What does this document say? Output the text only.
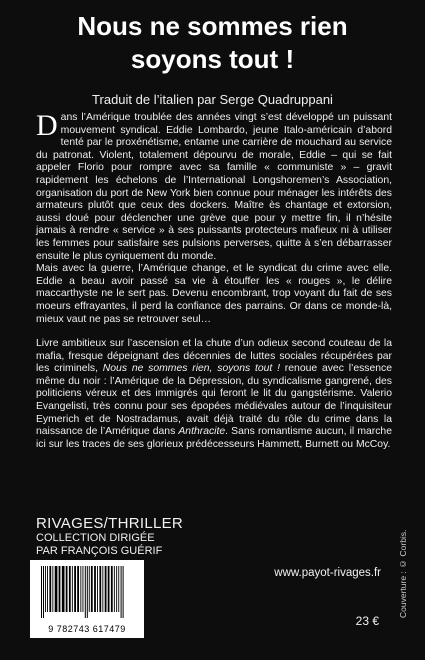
Nous ne sommes rien
soyons tout !
Traduit de l’italien par Serge Quadruppani

Dans l’Amérique troublée des années vingt s’est développé un puissant mouvement syndical. Eddie Lombardo, jeune Italo-américain d’abord tenté par le proxénétisme, entame une carrière de mouchard au service du patronat. Violent, totalement dépourvu de morale, Eddie – qui se fait appeler Florio pour rompre avec sa famille « communiste » – gravit rapidement les échelons de l’International Longshoremen’s Association, organisation du port de New York bien connue pour ménager les intérêts des armateurs plutôt que ceux des dockers. Maître ès chantage et extorsion, aussi doué pour déclencher une grève que pour y mettre fin, il n’hésite jamais à rendre « service » à ses puissants protecteurs mafieux ni à utiliser les femmes pour satisfaire ses pulsions perverses, quitte à s’en débarrasser ensuite le plus cyniquement du monde.

Mais avec la guerre, l’Amérique change, et le syndicat du crime avec elle. Eddie a beau avoir passé sa vie à étouffer les « rouges », le délire maccarthyste ne le sert pas. Devenu encombrant, trop voyant du fait de ses moeurs effrayantes, il perd la confiance des parrains. Or dans ce monde-là, mieux vaut ne pas se retrouver seul…

Livre ambitieux sur l’ascension et la chute d’un odieux second couteau de la mafia, fresque dépeignant des décennies de luttes sociales récupérées par les criminels, Nous ne sommes rien, soyons tout ! renoue avec l’essence même du noir : l’Amérique de la Dépression, du syndicalisme gangrené, des politiciens véreux et des immigrés qui feront le lit du gangstérisme. Valerio Evangelisti, très connu pour ses épopées médiévales autour de l’inquisiteur Eymerich et de Nostradamus, avait déjà traité du rôle du crime dans la naissance de l’Amérique dans Anthracite. Sans romantisme aucun, il marche ici sur les traces de ses glorieux prédécesseurs Hammett, Burnett ou McCoy.

RIVAGES/THRILLER
COLLECTION DIRIGÉE
PAR FRANÇOIS GUÉRIF
9 782743 617479
www.payot-rivages.fr Couverture : © Corbis.
23 €
